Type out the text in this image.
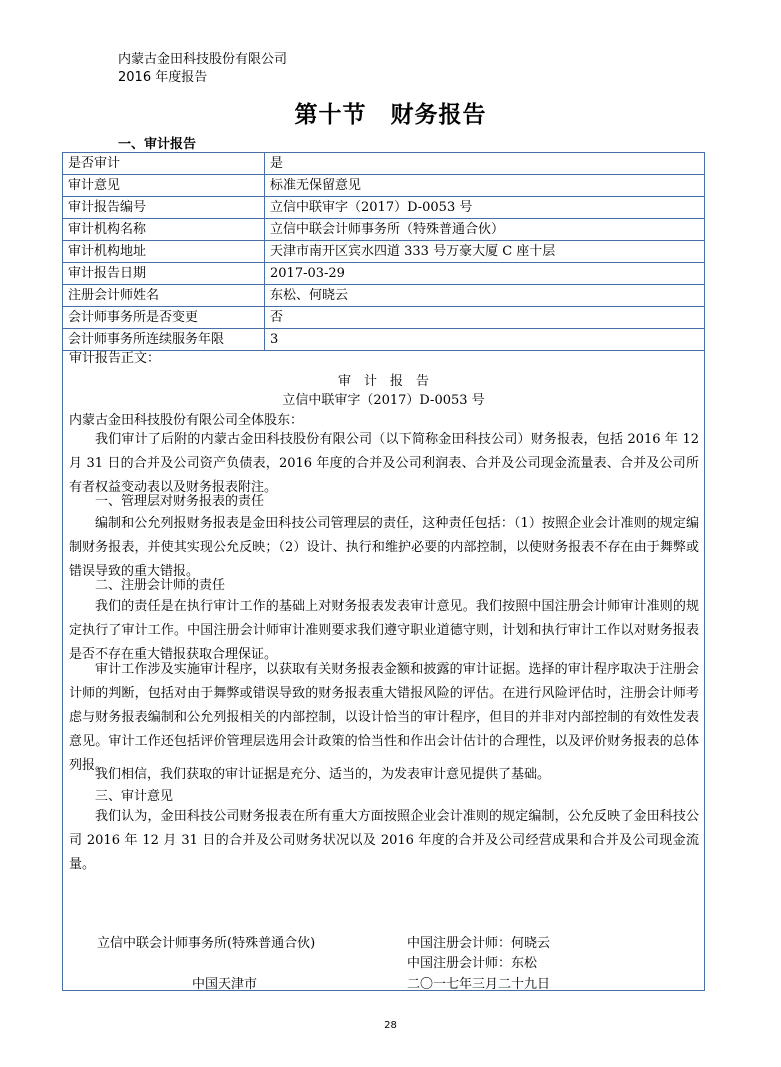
内蒙古金田科技股份有限公司
2016 年度报告
第十节　财务报告
一、审计报告
是否审计	是
审计意见	标准无保留意见
审计报告编号	立信中联审字（2017）D-0053 号
审计机构名称	立信中联会计师事务所（特殊普通合伙）
审计机构地址	天津市南开区宾水四道 333 号万豪大厦 C 座十层
审计报告日期	2017-03-29
注册会计师姓名	东松、何晓云
会计师事务所是否变更	否
会计师事务所连续服务年限	3
审计报告正文：
审　计　报　告
立信中联审字（2017）D-0053 号
内蒙古金田科技股份有限公司全体股东：
我们审计了后附的内蒙古金田科技股份有限公司（以下简称金田科技公司）财务报表，包括 2016 年 12 月 31 日的合并及公司资产负债表，2016 年度的合并及公司利润表、合并及公司现金流量表、合并及公司所有者权益变动表以及财务报表附注。
一、管理层对财务报表的责任
编制和公允列报财务报表是金田科技公司管理层的责任，这种责任包括：（1）按照企业会计准则的规定编制财务报表，并使其实现公允反映；（2）设计、执行和维护必要的内部控制，以使财务报表不存在由于舞弊或错误导致的重大错报。
二、注册会计师的责任
我们的责任是在执行审计工作的基础上对财务报表发表审计意见。我们按照中国注册会计师审计准则的规定执行了审计工作。中国注册会计师审计准则要求我们遵守职业道德守则，计划和执行审计工作以对财务报表是否不存在重大错报获取合理保证。
审计工作涉及实施审计程序，以获取有关财务报表金额和披露的审计证据。选择的审计程序取决于注册会计师的判断，包括对由于舞弊或错误导致的财务报表重大错报风险的评估。在进行风险评估时，注册会计师考虑与财务报表编制和公允列报相关的内部控制，以设计恰当的审计程序，但目的并非对内部控制的有效性发表意见。审计工作还包括评价管理层选用会计政策的恰当性和作出会计估计的合理性，以及评价财务报表的总体列报。
我们相信，我们获取的审计证据是充分、适当的，为发表审计意见提供了基础。
三、审计意见
我们认为，金田科技公司财务报表在所有重大方面按照企业会计准则的规定编制，公允反映了金田科技公司 2016 年 12 月 31 日的合并及公司财务状况以及 2016 年度的合并及公司经营成果和合并及公司现金流量。
立信中联会计师事务所(特殊普通合伙)
中国天津市
中国注册会计师：何晓云
中国注册会计师：东松
二〇一七年三月二十九日
28
